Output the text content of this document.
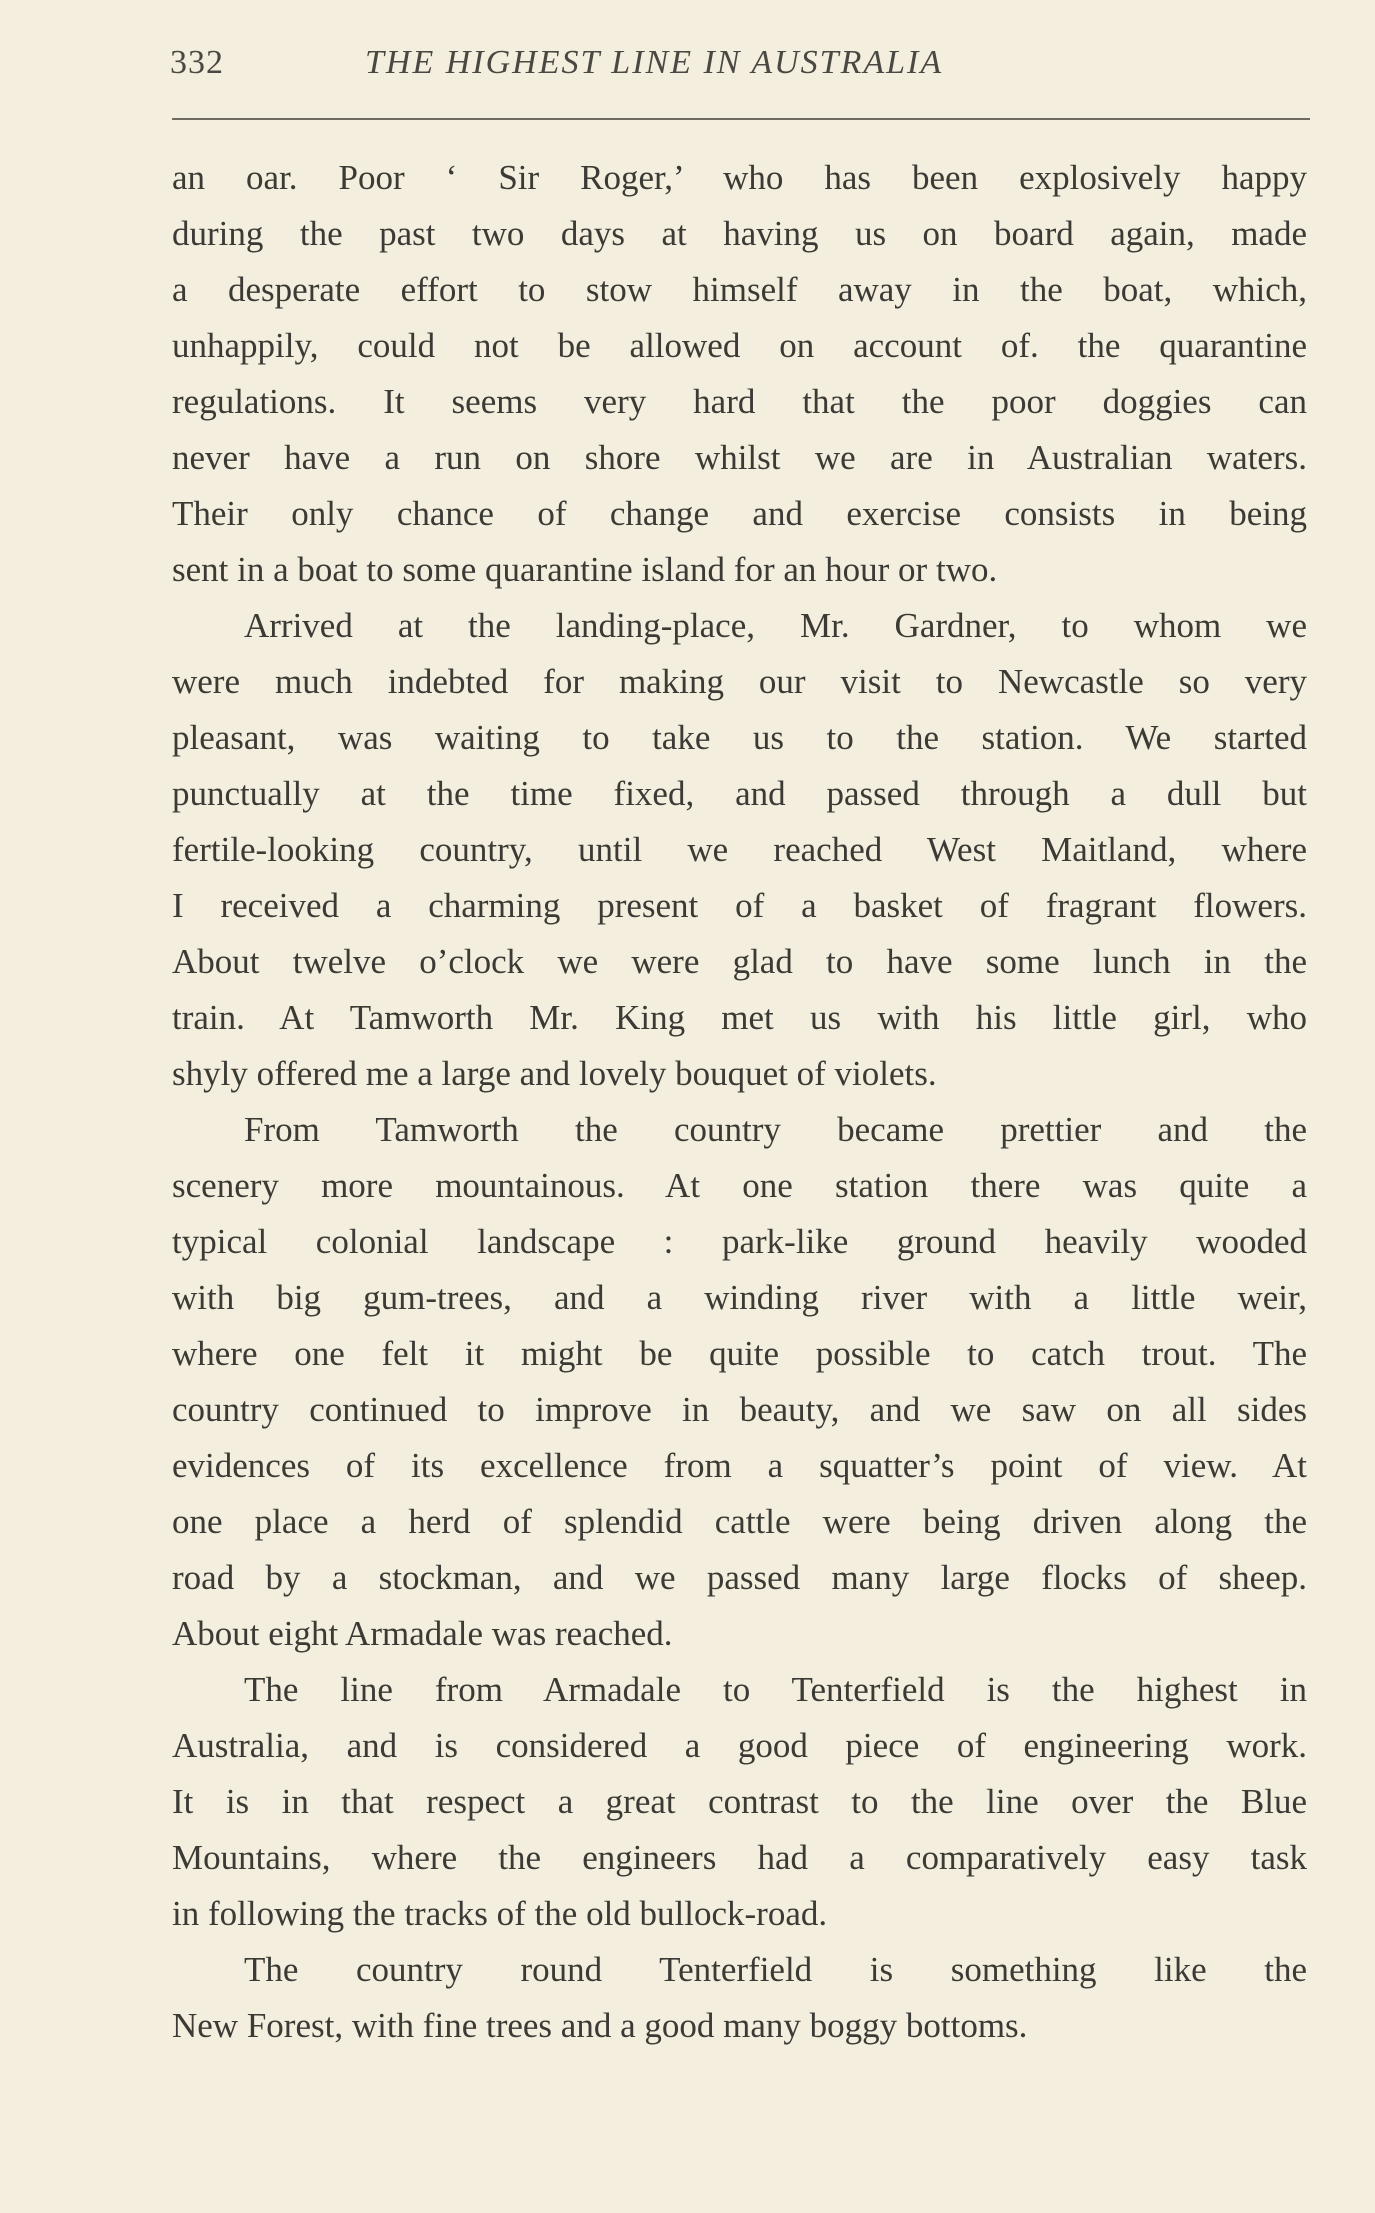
332	THE HIGHEST LINE IN AUSTRALIA
an oar. Poor ‘ Sir Roger,’ who has been explosively happy
during the past two days at having us on board again, made
a desperate effort to stow himself away in the boat, which,
unhappily, could not be allowed on account of. the quarantine
regulations. It seems very hard that the poor doggies can
never have a run on shore whilst we are in Australian waters.
Their only chance of change and exercise consists in being
sent in a boat to some quarantine island for an hour or two.
Arrived at the landing-place, Mr. Gardner, to whom we
were much indebted for making our visit to Newcastle so very
pleasant, was waiting to take us to the station. We started
punctually at the time fixed, and passed through a dull but
fertile-looking country, until we reached West Maitland, where
I received a charming present of a basket of fragrant flowers.
About twelve o’clock we were glad to have some lunch in the
train. At Tamworth Mr. King met us with his little girl, who
shyly offered me a large and lovely bouquet of violets.
From Tamworth the country became prettier and the
scenery more mountainous. At one station there was quite a
typical colonial landscape : park-like ground heavily wooded
with big gum-trees, and a winding river with a little weir,
where one felt it might be quite possible to catch trout. The
country continued to improve in beauty, and we saw on all sides
evidences of its excellence from a squatter’s point of view. At
one place a herd of splendid cattle were being driven along the
road by a stockman, and we passed many large flocks of sheep.
About eight Armadale was reached.
The line from Armadale to Tenterfield is the highest in
Australia, and is considered a good piece of engineering work.
It is in that respect a great contrast to the line over the Blue
Mountains, where the engineers had a comparatively easy task
in following the tracks of the old bullock-road.
The country round Tenterfield is something like the
New Forest, with fine trees and a good many boggy bottoms.
